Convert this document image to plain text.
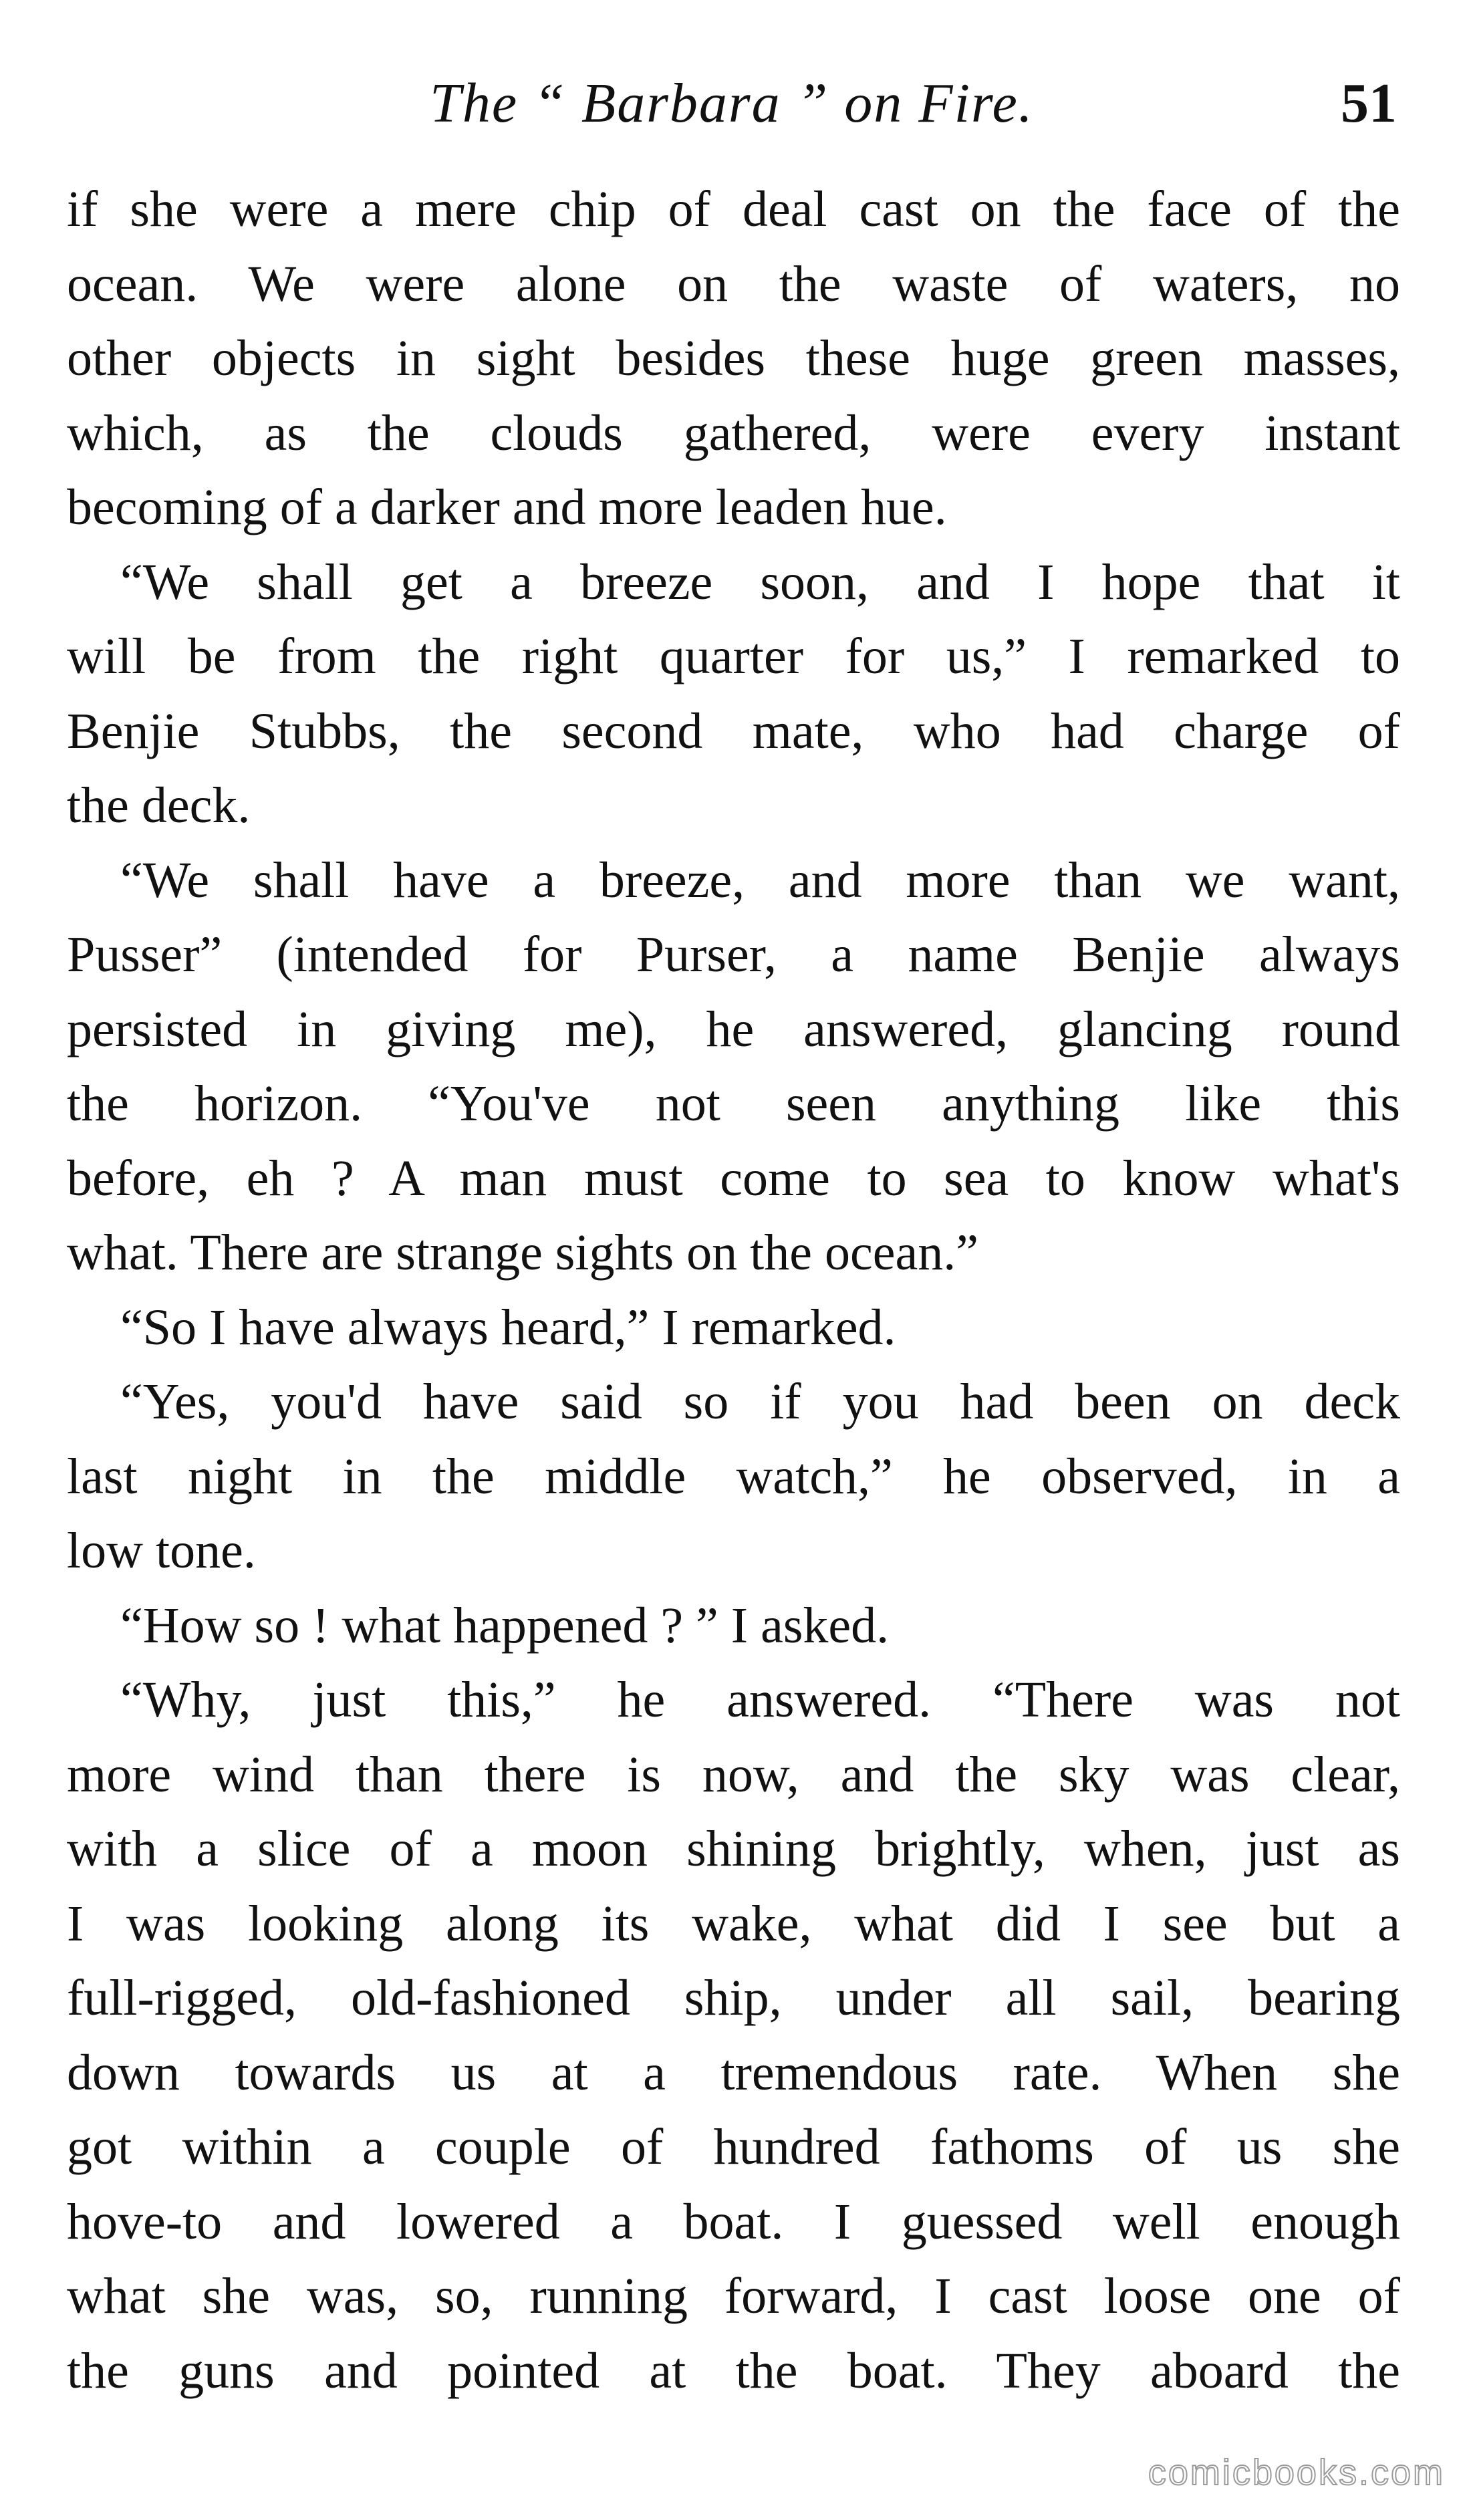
The “ Barbara ” on Fire.	51
if she were a mere chip of deal cast on the face of the
ocean. We were alone on the waste of waters, no
other objects in sight besides these huge green masses,
which, as the clouds gathered, were every instant
becoming of a darker and more leaden hue.
“We shall get a breeze soon, and I hope that it
will be from the right quarter for us,” I remarked to
Benjie Stubbs, the second mate, who had charge of
the deck.
“We shall have a breeze, and more than we want,
Pusser” (intended for Purser, a name Benjie always
persisted in giving me), he answered, glancing round
the horizon. “You've not seen anything like this
before, eh ? A man must come to sea to know what's
what. There are strange sights on the ocean.”
“So I have always heard,” I remarked.
“Yes, you'd have said so if you had been on deck
last night in the middle watch,” he observed, in a
low tone.
“How so ! what happened ? ” I asked.
“Why, just this,” he answered. “There was not
more wind than there is now, and the sky was clear,
with a slice of a moon shining brightly, when, just as
I was looking along its wake, what did I see but a
full-rigged, old-fashioned ship, under all sail, bearing
down towards us at a tremendous rate. When she
got within a couple of hundred fathoms of us she
hove-to and lowered a boat. I guessed well enough
what she was, so, running forward, I cast loose one of
the guns and pointed at the boat. They aboard the
comicbooks.com
